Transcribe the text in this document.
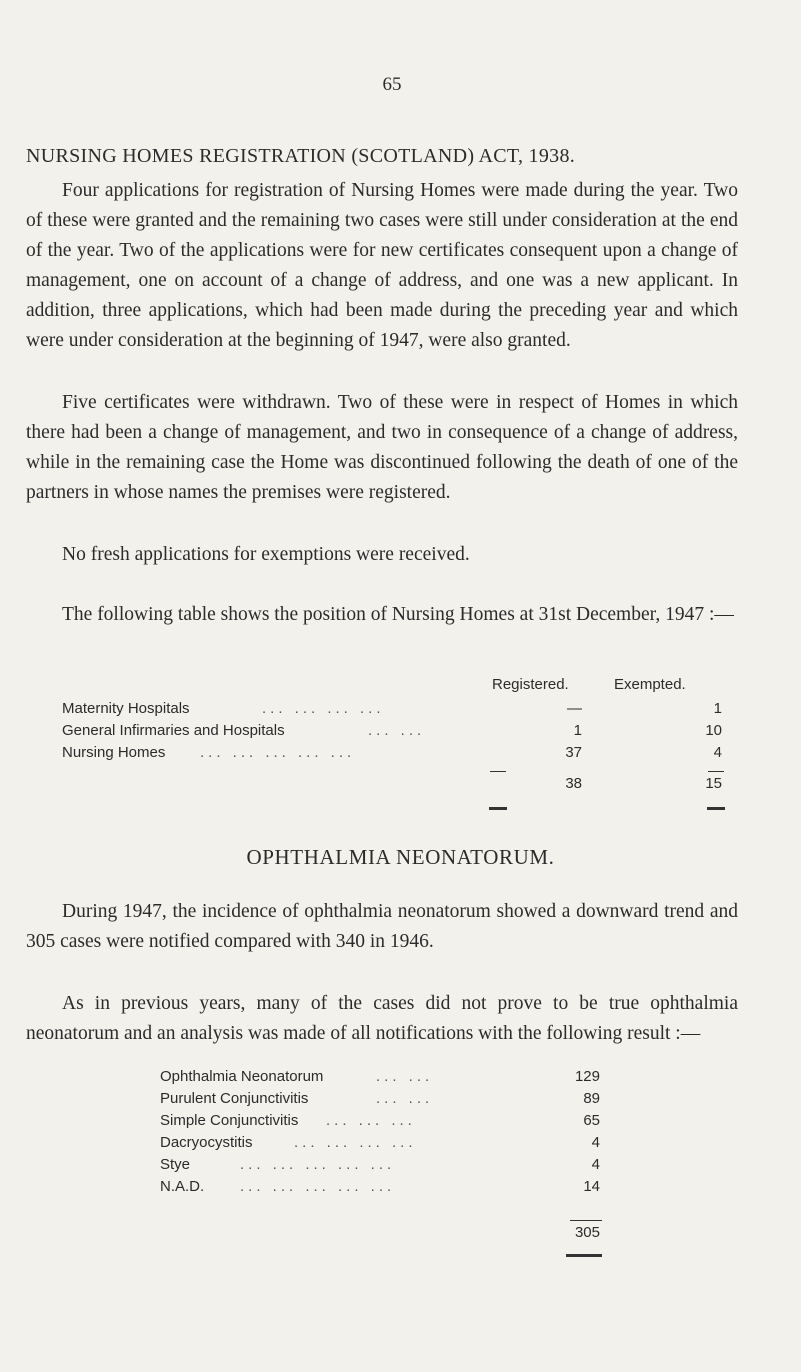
65
NURSING HOMES REGISTRATION (SCOTLAND) ACT, 1938.

Four applications for registration of Nursing Homes were made during the year. Two of these were granted and the remaining two cases were still under consideration at the end of the year. Two of the applications were for new certificates consequent upon a change of management, one on account of a change of address, and one was a new applicant. In addition, three applications, which had been made during the preceding year and which were under consideration at the beginning of 1947, were also granted.

Five certificates were withdrawn. Two of these were in respect of Homes in which there had been a change of management, and two in consequence of a change of address, while in the remaining case the Home was discontinued following the death of one of the partners in whose names the premises were registered.

No fresh applications for exemptions were received.

The following table shows the position of Nursing Homes at 31st December, 1947 :—

Registered.	Exempted.
Maternity Hospitals	... ... ... ...	—	1
General Infirmaries and Hospitals	... ...	1	10
Nursing Homes ... ... ... ... ...	37	4
38	15
OPHTHALMIA NEONATORUM.

During 1947, the incidence of ophthalmia neonatorum showed a downward trend and 305 cases were notified compared with 340 in 1946.

As in previous years, many of the cases did not prove to be true ophthalmia neonatorum and an analysis was made of all notifications with the following result :—

Ophthalmia Neonatorum	... ...	129
Purulent Conjunctivitis	... ...	89
Simple Conjunctivitis ... ... ...	65
Dacryocystitis	... ... ... ...	4
Stye	... ... ... ... ...	4
N.A.D. ... ... ... ... ...	14
305
